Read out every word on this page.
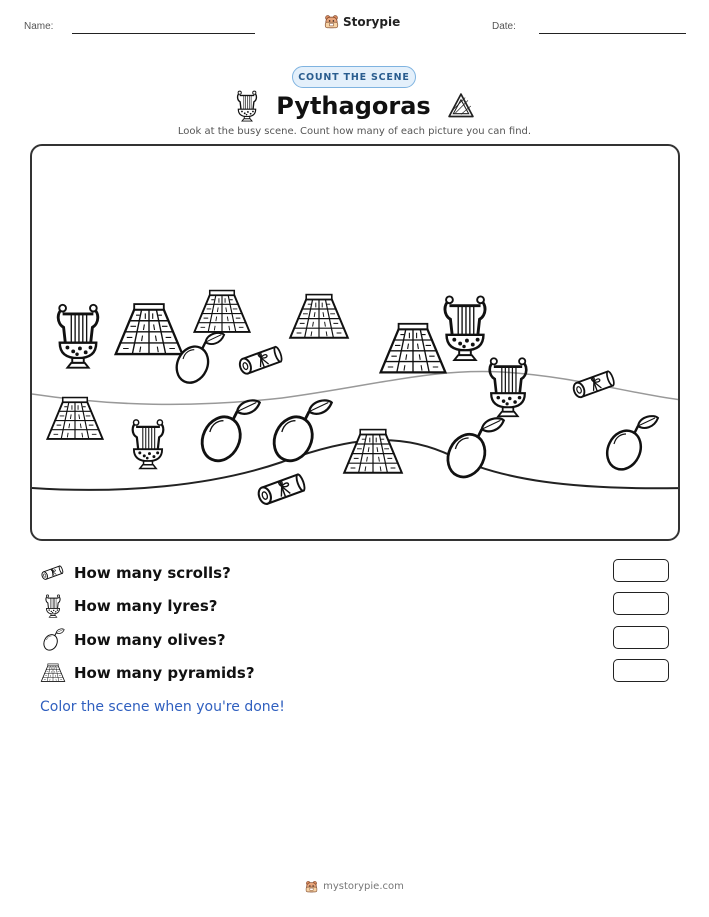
Name:	Storypie	Date:
COUNT THE SCENE
Pythagoras
Look at the busy scene. Count how many of each picture you can find.
How many scrolls?
How many lyres?
How many olives?
How many pyramids?
Color the scene when you're done!
mystorypie.com
